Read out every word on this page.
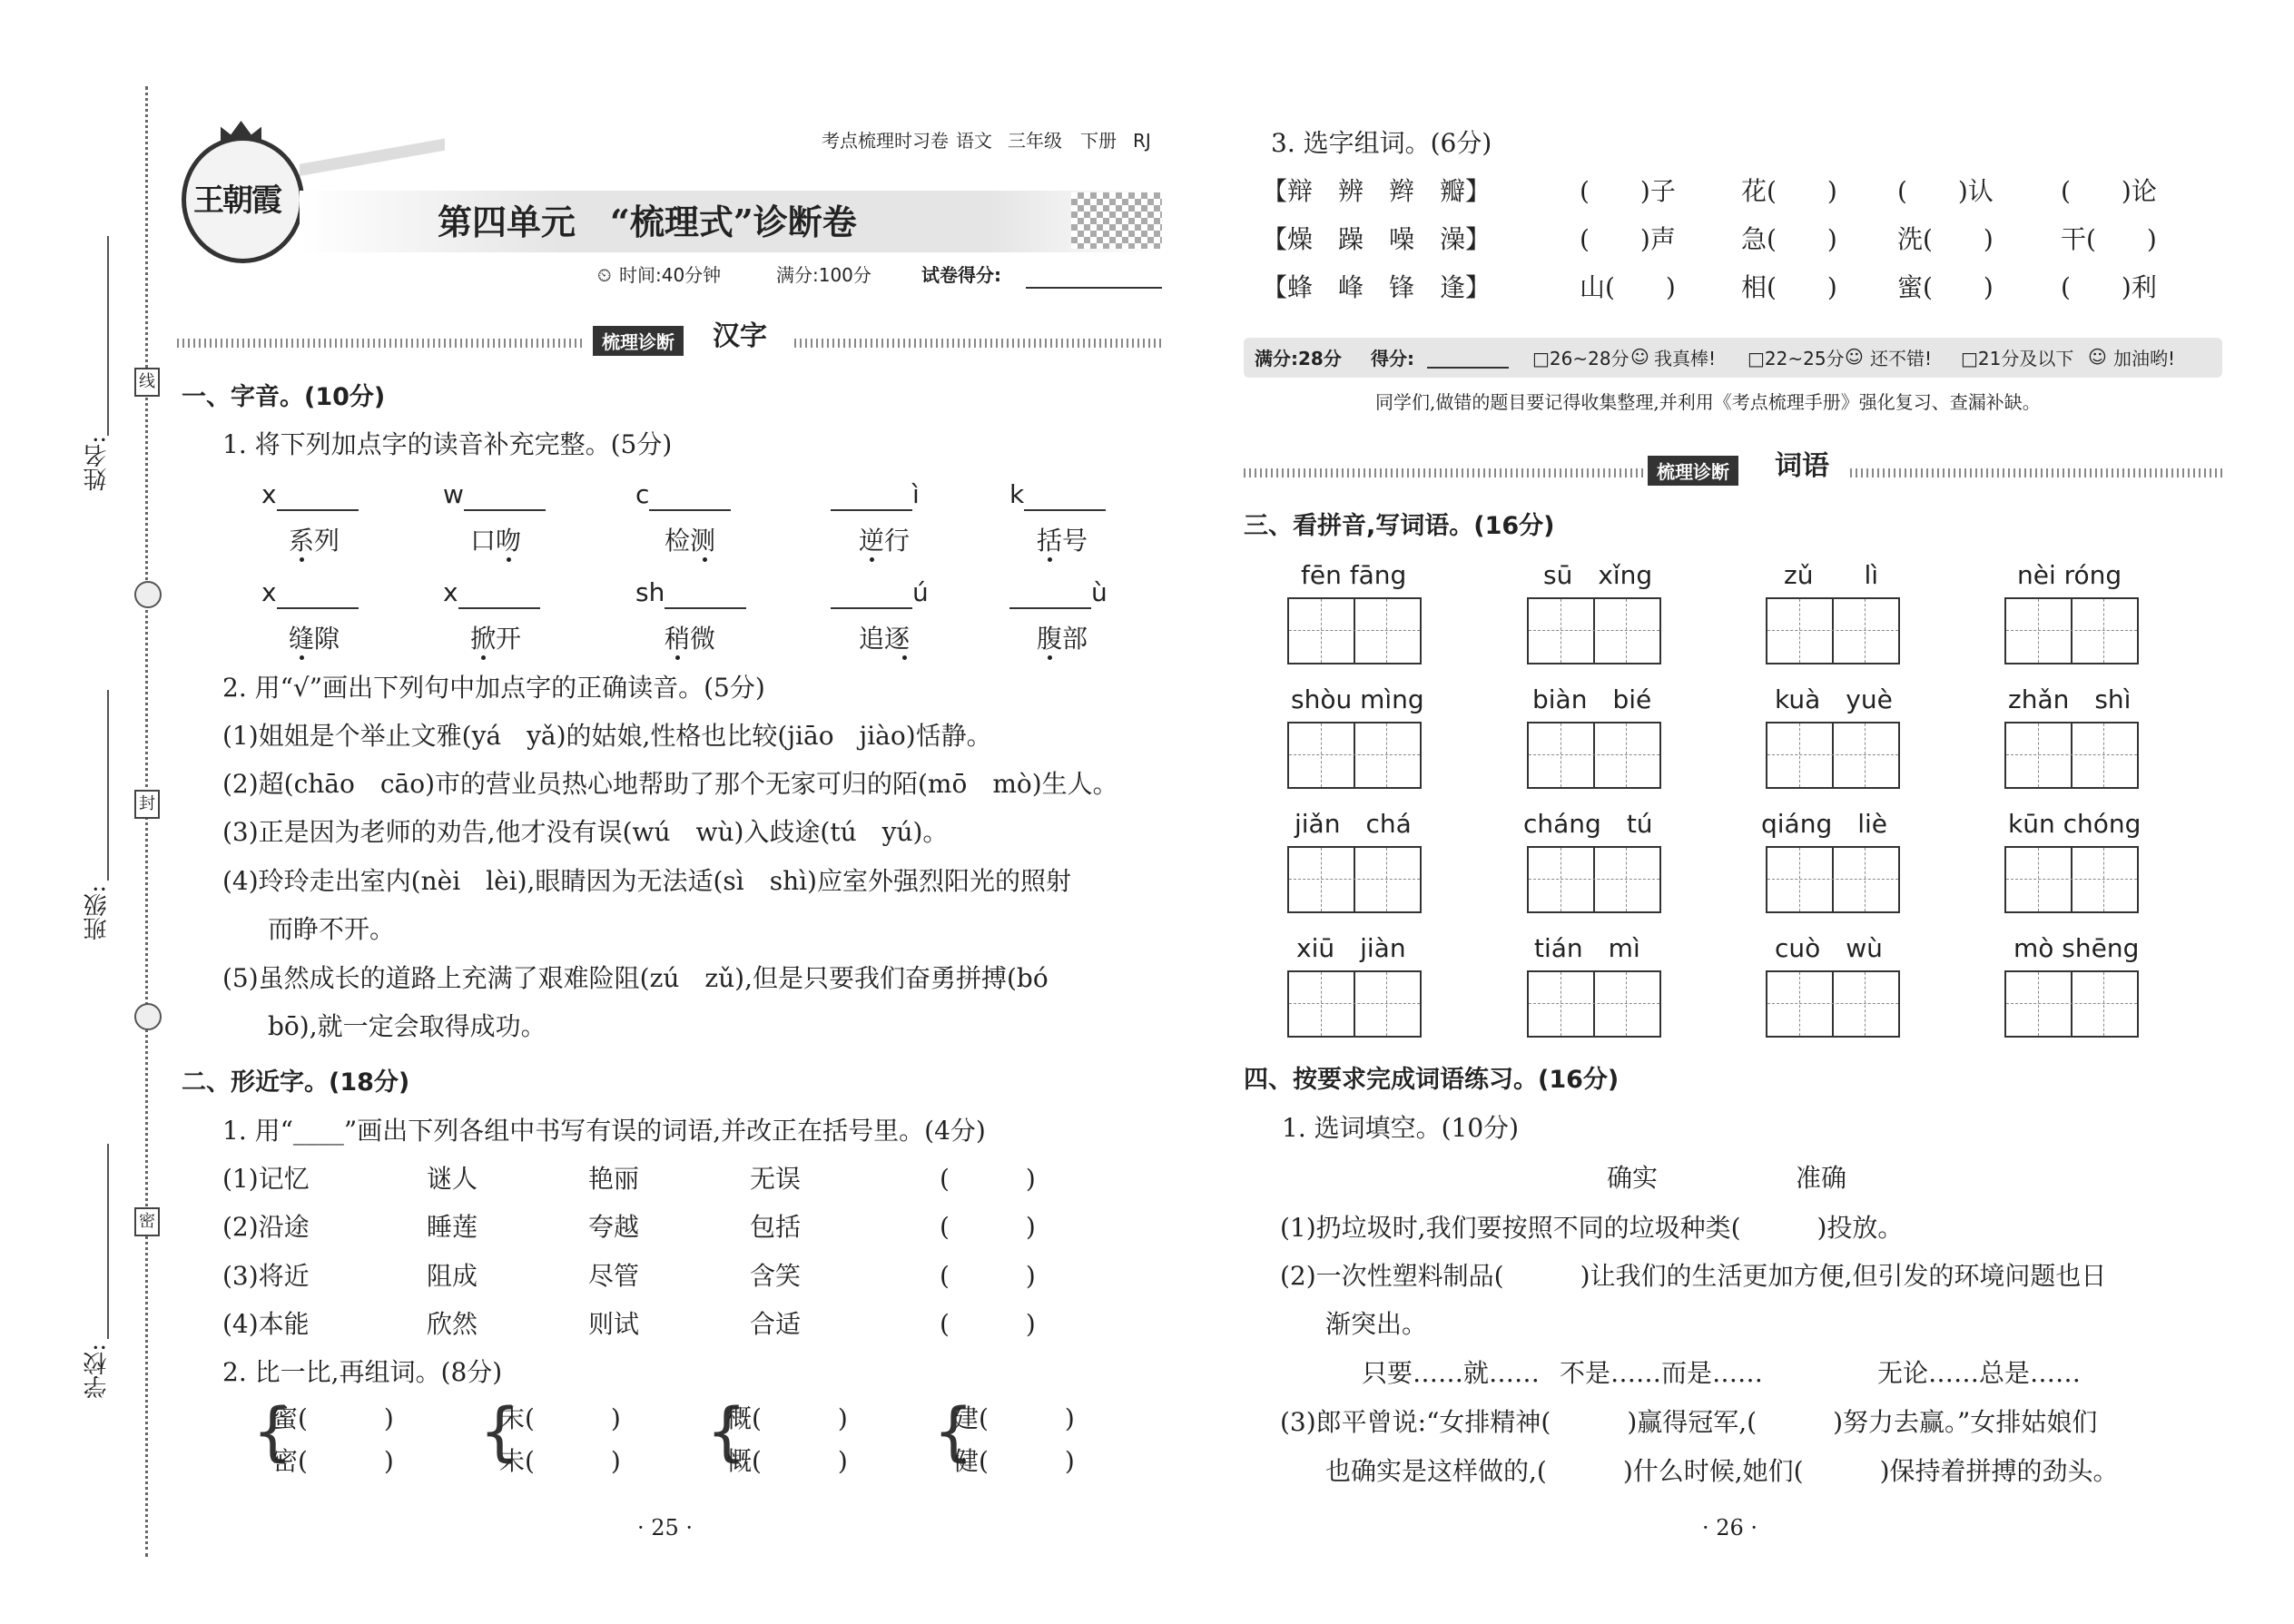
线
封
密
姓名:
班级:
学校:
王朝霞
考点梳理时习卷 语文 三年级 下册 RJ
第四单元　“梳理式”诊断卷
⏲ 时间:40分钟	满分:100分	试卷得分:
梳理诊断	汉字
一、字音。(10分)
1. 将下列加点字的读音补充完整。(5分)
x	w	c	ì	k
系列	口吻	检测	逆行	括号
x	x	sh	ú	ù
缝隙	掀开	稍微	追逐	腹部
2. 用“√”画出下列句中加点字的正确读音。(5分)
(1)姐姐是个举止文雅(yá　yǎ)的姑娘,性格也比较(jiāo　jiào)恬静。
(2)超(chāo　cāo)市的营业员热心地帮助了那个无家可归的陌(mō　mò)生人。
(3)正是因为老师的劝告,他才没有误(wú　wù)入歧途(tú　yú)。
(4)玲玲走出室内(nèi　lèi),眼睛因为无法适(sì　shì)应室外强烈阳光的照射
而睁不开。
(5)虽然成长的道路上充满了艰难险阻(zú　zǔ),但是只要我们奋勇拼搏(bó
bō),就一定会取得成功。
二、形近字。(18分)
1. 用“____”画出下列各组中书写有误的词语,并改正在括号里。(4分)
(1)记忆	谜人	艳丽	无误	(　　　)
(2)沿途	睡莲	夸越	包括	(　　　)
(3)将近	阻成	尽管	含笑	(　　　)
(4)本能	欣然	则试	合适	(　　　)
2. 比一比,再组词。(8分)
{
蜜(　　　)
密(　　　) {
末(　　　)
未(　　　) {
概(　　　)
慨(　　　) {
建(　　　)
健(　　　)
· 25 ·
3. 选字组词。(6分)
【辩　辨　辫　瓣】	(　　)子	花(　　) (　　)认	(　　)论
【燥　躁　噪　澡】	(　　)声	急(　　) 洗(　　)	干(　　)
【蜂　峰　锋　逢】	山(　　)	相(　　) 蜜(　　)	(　　)利
满分:28分 得分:	□26~28分 ☺ 我真棒! □22~25分 ☺ 还不错! □21分及以下 ☺ 加油哟!
同学们,做错的题目要记得收集整理,并利用《考点梳理手册》强化复习、查漏补缺。
梳理诊断	词语
三、看拼音,写词语。(16分)
fēn fāng	sū　xǐng	zǔ　　lì	nèi róng
shòu mìng	biàn　bié	kuà　yuè	zhǎn　shì
jiǎn　chá	cháng　tú	qiáng　liè	kūn chóng
xiū　jiàn	tián　mì	cuò　wù	mò shēng
四、按要求完成词语练习。(16分)
1. 选词填空。(10分)
确实	准确
(1)扔垃圾时,我们要按照不同的垃圾种类(　　　)投放。
(2)一次性塑料制品(　　　)让我们的生活更加方便,但引发的环境问题也日
渐突出。
只要……就…… 不是……而是……	无论……总是……
(3)郎平曾说:“女排精神(　　　)赢得冠军,(　　　)努力去赢。”女排姑娘们
也确实是这样做的,(　　　)什么时候,她们(　　　)保持着拼搏的劲头。
· 26 ·
